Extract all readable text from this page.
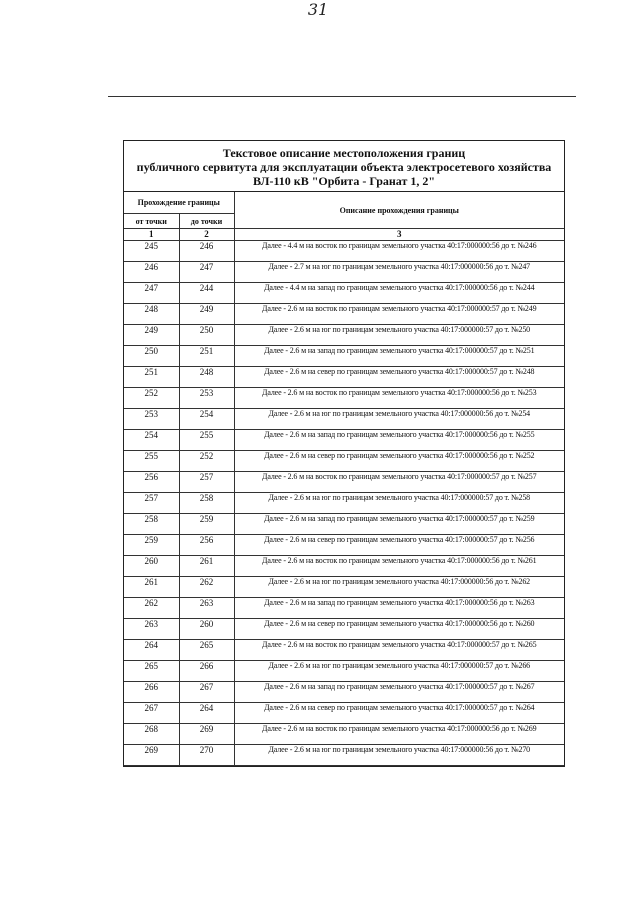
31
Текстовое описание местоположения границ
публичного сервитута для эксплуатации объекта электросетевого хозяйства
ВЛ-110 кВ "Орбита - Гранат 1, 2"
Прохождение границы		Описание прохождения границы
от точки	до точки	
1	2	3
245	246	Далее - 4.4 м на восток по границам земельного участка 40:17:000000:56 до т. №246
246	247	Далее - 2.7 м на юг по границам земельного участка 40:17:000000:56 до т. №247
247	244	Далее - 4.4 м на запад по границам земельного участка 40:17:000000:56 до т. №244
248	249	Далее - 2.6 м на восток по границам земельного участка 40:17:000000:57 до т. №249
249	250	Далее - 2.6 м на юг по границам земельного участка 40:17:000000:57 до т. №250
250	251	Далее - 2.6 м на запад по границам земельного участка 40:17:000000:57 до т. №251
251	248	Далее - 2.6 м на север по границам земельного участка 40:17:000000:57 до т. №248
252	253	Далее - 2.6 м на восток по границам земельного участка 40:17:000000:56 до т. №253
253	254	Далее - 2.6 м на юг по границам земельного участка 40:17:000000:56 до т. №254
254	255	Далее - 2.6 м на запад по границам земельного участка 40:17:000000:56 до т. №255
255	252	Далее - 2.6 м на север по границам земельного участка 40:17:000000:56 до т. №252
256	257	Далее - 2.6 м на восток по границам земельного участка 40:17:000000:57 до т. №257
257	258	Далее - 2.6 м на юг по границам земельного участка 40:17:000000:57 до т. №258
258	259	Далее - 2.6 м на запад по границам земельного участка 40:17:000000:57 до т. №259
259	256	Далее - 2.6 м на север по границам земельного участка 40:17:000000:57 до т. №256
260	261	Далее - 2.6 м на восток по границам земельного участка 40:17:000000:56 до т. №261
261	262	Далее - 2.6 м на юг по границам земельного участка 40:17:000000:56 до т. №262
262	263	Далее - 2.6 м на запад по границам земельного участка 40:17:000000:56 до т. №263
263	260	Далее - 2.6 м на север по границам земельного участка 40:17:000000:56 до т. №260
264	265	Далее - 2.6 м на восток по границам земельного участка 40:17:000000:57 до т. №265
265	266	Далее - 2.6 м на юг по границам земельного участка 40:17:000000:57 до т. №266
266	267	Далее - 2.6 м на запад по границам земельного участка 40:17:000000:57 до т. №267
267	264	Далее - 2.6 м на север по границам земельного участка 40:17:000000:57 до т. №264
268	269	Далее - 2.6 м на восток по границам земельного участка 40:17:000000:56 до т. №269
269	270	Далее - 2.6 м на юг по границам земельного участка 40:17:000000:56 до т. №270
